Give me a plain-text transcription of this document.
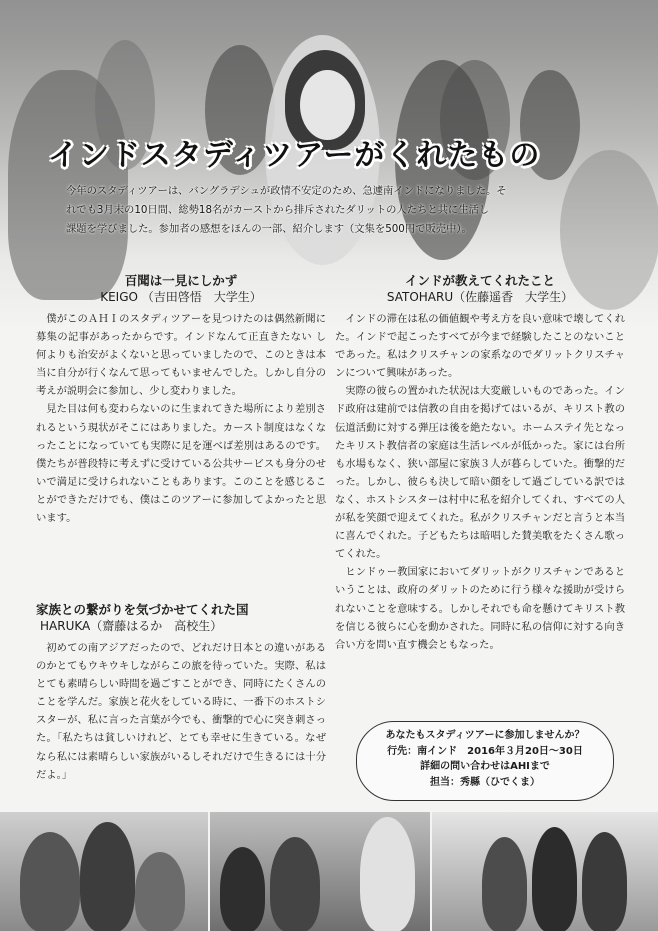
インドスタディツアーがくれたもの
今年のスタディツアーは、バングラデシュが政情不安定のため、急遽南インドになりました。そ
れでも3月末の10日間、総勢18名がカーストから排斥されたダリットの人たちと共に生活し
課題を学びました。参加者の感想をほんの一部、紹介します（文集を500円で販売中）。
百聞は一見にしかず
KEIGO （吉田啓悟　大学生）

僕がこのＡＨＩのスタディツアーを見つけたのは偶然新聞に募集の記事があったからです。インドなんて正直きたない し何よりも治安がよくないと思っていましたので、このときは本当に自分が行くなんて思ってもいませんでした。しかし自分の考えが説明会に参加し、少し変わりました。

見た目は何も変わらないのに生まれてきた場所により差別されるという現状がそこにはありました。カースト制度はなくなったことになっていても実際に足を運べば差別はあるのです。僕たちが普段特に考えずに受けている公共サービスも身分のせいで満足に受けられないこともあります。このことを感じることができただけでも、僕はこのツアーに参加してよかったと思います。

家族との繋がりを気づかせてくれた国
HARUKA（齋藤はるか　高校生）

初めての南アジアだったので、どれだけ日本との違いがあるのかとてもウキウキしながらこの旅を待っていた。実際、私はとても素晴らしい時間を過ごすことができ、同時にたくさんのことを学んだ。家族と花火をしている時に、一番下のホストシスターが、私に言った言葉が今でも、衝撃的で心に突き刺さった。「私たちは貧しいけれど、とても幸せに生きている。なぜなら私には素晴らしい家族がいるしそれだけで生きるには十分だよ。」

インドが教えてくれたこと
SATOHARU（佐藤遥香　大学生）

インドの滞在は私の価値観や考え方を良い意味で壊してくれた。インドで起こったすべてが今まで経験したことのないことであった。私はクリスチャンの家系なのでダリットクリスチャンについて興味があった。

実際の彼らの置かれた状況は大変厳しいものであった。インド政府は建前では信教の自由を掲げてはいるが、キリスト教の伝道活動に対する弾圧は後を絶たない。ホームステイ先となったキリスト教信者の家庭は生活レベルが低かった。家には台所も水場もなく、狭い部屋に家族３人が暮らしていた。衝撃的だった。しかし、彼らも決して暗い顔をして過ごしている訳ではなく、ホストシスターは村中に私を紹介してくれ、すべての人が私を笑顔で迎えてくれた。私がクリスチャンだと言うと本当に喜んでくれた。子どもたちは暗唱した賛美歌をたくさん歌ってくれた。

ヒンドゥー教国家においてダリットがクリスチャンであるということは、政府のダリットのために行う様々な援助が受けられないことを意味する。しかしそれでも命を懸けてキリスト教を信じる彼らに心を動かされた。同時に私の信仰に対する向き合い方を問い直す機会ともなった。

あなたもスタディツアーに参加しませんか？
行先：南インド　2016年３月20日～30日
詳細の問い合わせはAHIまで
担当：秀縣（ひでくま）
